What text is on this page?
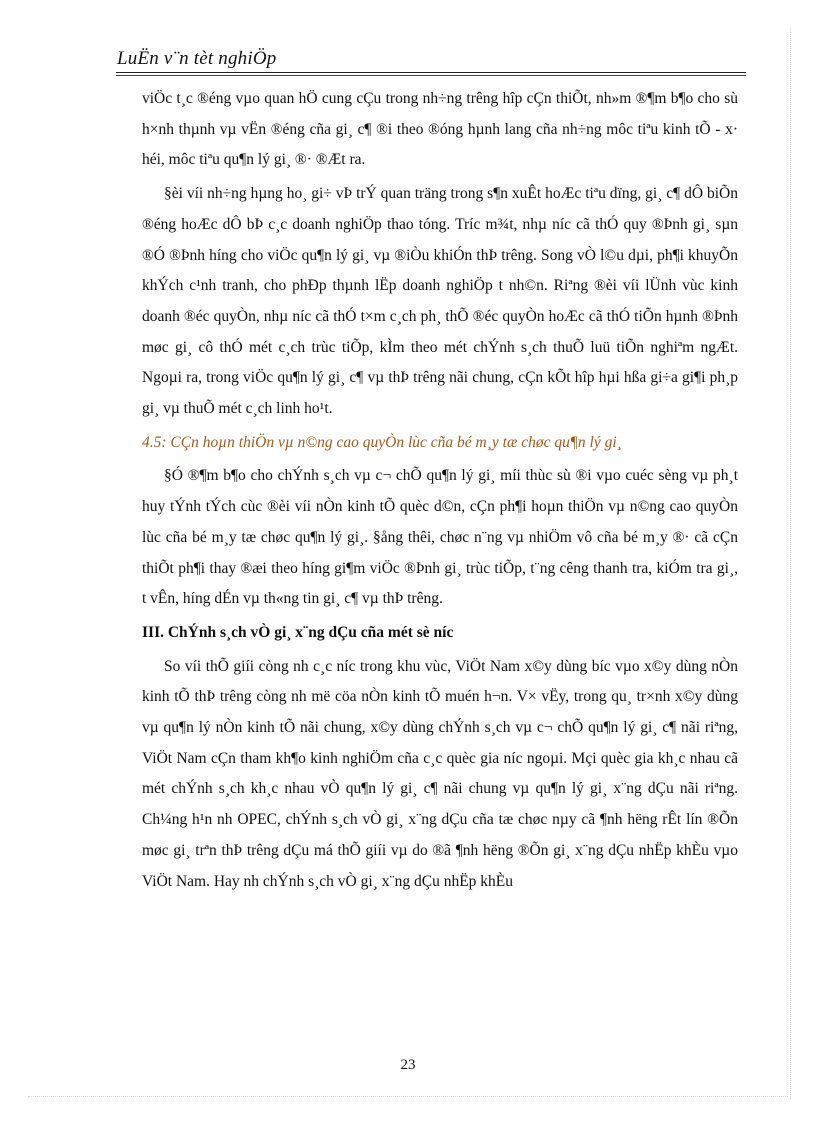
LuËn v¨n tèt nghiÖp

viÖc t¸c ®éng vµo quan hÖ cung cÇu trong nh÷ng trêng hîp cÇn thiÕt, nh»m ®¶m b¶o cho sù h×nh thµnh vµ vËn ®éng cña gi¸ c¶ ®i theo ®óng hµnh lang cña nh÷ng môc tiªu kinh tÕ - x· héi, môc tiªu qu¶n lý gi¸ ®· ®Æt ra.

§èi víi nh÷ng hµng ho¸ gi÷ vÞ trÝ quan träng trong s¶n xuÊt hoÆc tiªu dïng, gi¸ c¶ dÔ biÕn ®éng hoÆc dÔ bÞ c¸c doanh nghiÖp thao tóng. Tríc m¾t, nhµ níc cã thÓ quy ®Þnh gi¸ sµn ®Ó ®Þnh híng cho viÖc qu¶n lý gi¸ vµ ®iÒu khiÓn thÞ trêng. Song vÒ l©u dµi, ph¶i khuyÕn khÝch c¹nh tranh, cho phÐp thµnh lËp doanh nghiÖp t nh©n. Riªng ®èi víi lÜnh vùc kinh doanh ®éc quyÒn, nhµ níc cã thÓ t×m c¸ch ph¸ thÕ ®éc quyÒn hoÆc cã thÓ tiÕn hµnh ®Þnh møc gi¸ cô thÓ mét c¸ch trùc tiÕp, kÌm theo mét chÝnh s¸ch thuÕ luü tiÕn nghiªm ngÆt. Ngoµi ra, trong viÖc qu¶n lý gi¸ c¶ vµ thÞ trêng nãi chung, cÇn kÕt hîp hµi hßa gi÷a gi¶i ph¸p gi¸ vµ thuÕ mét c¸ch linh ho¹t.

4.5: CÇn hoµn thiÖn vµ n©ng cao quyÒn lùc cña bé m¸y tæ chøc qu¶n lý gi¸

§Ó ®¶m b¶o cho chÝnh s¸ch vµ c¬ chÕ qu¶n lý gi¸ míi thùc sù ®i vµo cuéc sèng vµ ph¸t huy tÝnh tÝch cùc ®èi víi nÒn kinh tÕ quèc d©n, cÇn ph¶i hoµn thiÖn vµ n©ng cao quyÒn lùc cña bé m¸y tæ chøc qu¶n lý gi¸. §ång thêi, chøc n¨ng vµ nhiÖm vô cña bé m¸y ®· cã cÇn thiÕt ph¶i thay ®æi theo híng gi¶m viÖc ®Þnh gi¸ trùc tiÕp, t¨ng cêng thanh tra, kiÓm tra gi¸, t vÊn, híng dÉn vµ th«ng tin gi¸ c¶ vµ thÞ trêng.

III. ChÝnh s¸ch vÒ gi¸ x¨ng dÇu cña mét sè níc

So víi thÕ giíi còng nh c¸c níc trong khu vùc, ViÖt Nam x©y dùng bíc vµo x©y dùng nÒn kinh tÕ thÞ trêng còng nh më cöa nÒn kinh tÕ muén h¬n. V× vËy, trong qu¸ tr×nh x©y dùng vµ qu¶n lý nÒn kinh tÕ nãi chung, x©y dùng chÝnh s¸ch vµ c¬ chÕ qu¶n lý gi¸ c¶ nãi riªng, ViÖt Nam cÇn tham kh¶o kinh nghiÖm cña c¸c quèc gia níc ngoµi. Mçi quèc gia kh¸c nhau cã mét chÝnh s¸ch kh¸c nhau vÒ qu¶n lý gi¸ c¶ nãi chung vµ qu¶n lý gi¸ x¨ng dÇu nãi riªng. Ch¼ng h¹n nh OPEC, chÝnh s¸ch vÒ gi¸ x¨ng dÇu cña tæ chøc nµy cã ¶nh hëng rÊt lín ®Õn møc gi¸ trªn thÞ trêng dÇu má thÕ giíi vµ do ®ã ¶nh hëng ®Õn gi¸ x¨ng dÇu nhËp khÈu vµo ViÖt Nam. Hay nh chÝnh s¸ch vÒ gi¸ x¨ng dÇu nhËp khÈu

23
